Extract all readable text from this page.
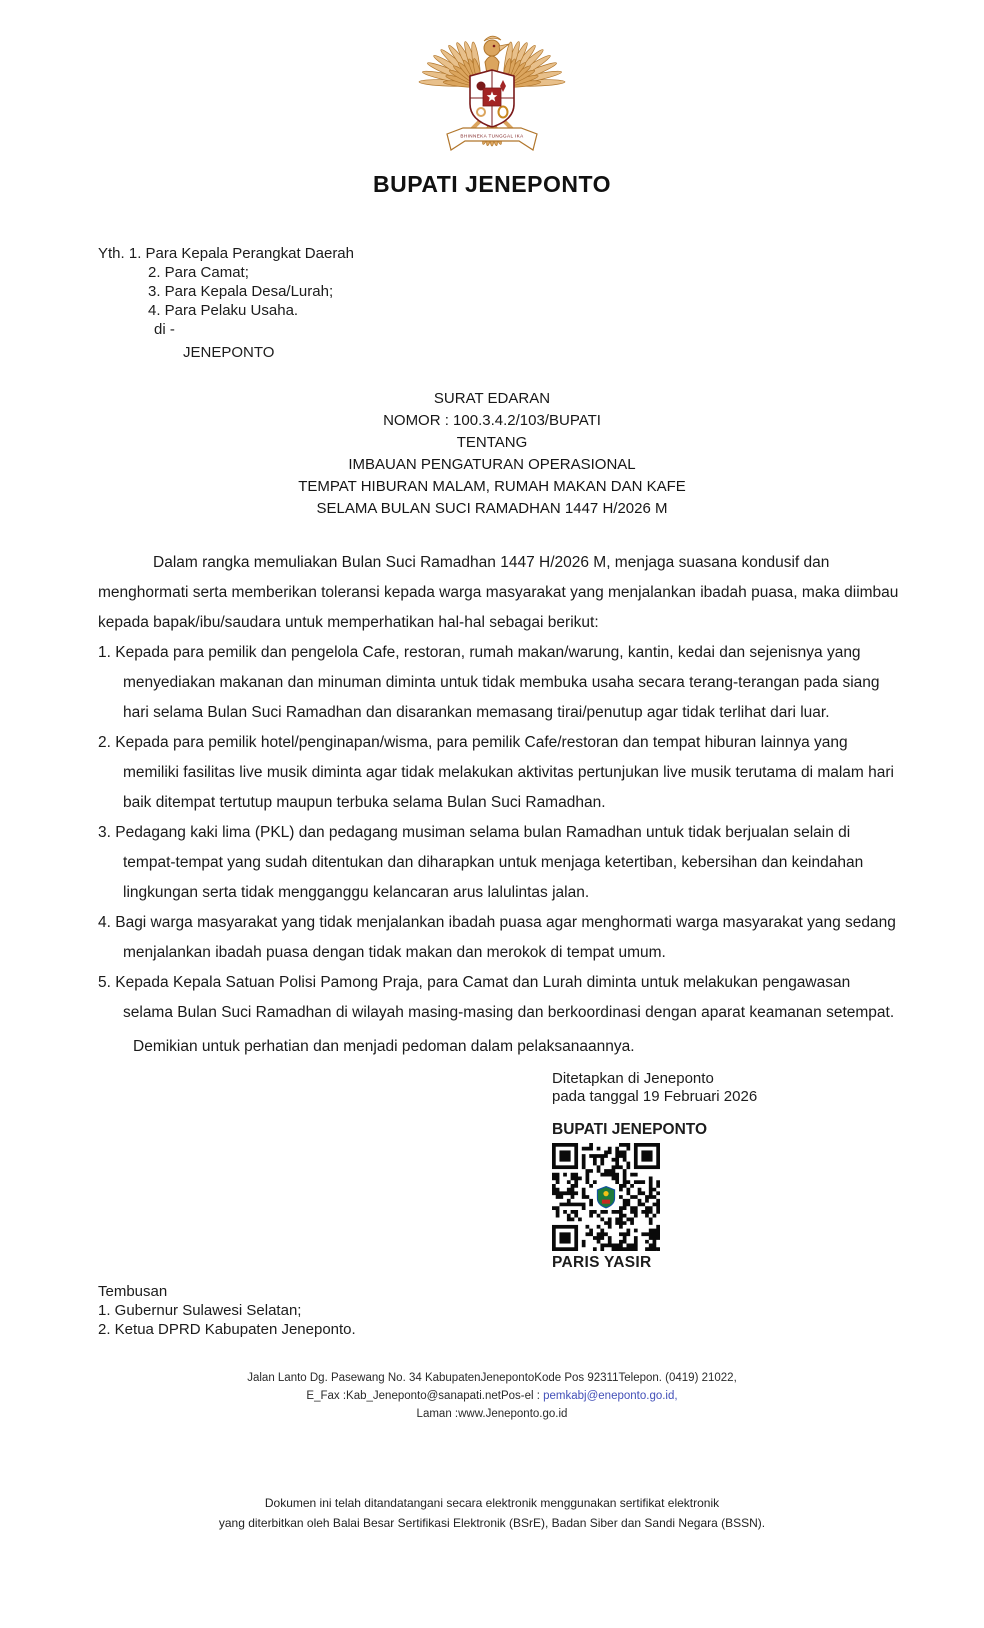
BHINNEKA TUNGGAL IKA
BUPATI JENEPONTO
Yth. 1. Para Kepala Perangkat Daerah
2. Para Camat;
3. Para Kepala Desa/Lurah;
4. Para Pelaku Usaha.
di -
JENEPONTO
SURAT EDARAN
NOMOR : 100.3.4.2/103/BUPATI
TENTANG
IMBAUAN PENGATURAN OPERASIONAL
TEMPAT HIBURAN MALAM, RUMAH MAKAN DAN KAFE
SELAMA BULAN SUCI RAMADHAN 1447 H/2026 M
Dalam rangka memuliakan Bulan Suci Ramadhan 1447 H/2026 M, menjaga suasana kondusif dan menghormati serta memberikan toleransi kepada warga masyarakat yang menjalankan ibadah puasa, maka diimbau kepada bapak/ibu/saudara untuk memperhatikan hal-hal sebagai berikut:
1. Kepada para pemilik dan pengelola Cafe, restoran, rumah makan/warung, kantin, kedai dan sejenisnya yang menyediakan makanan dan minuman diminta untuk tidak membuka usaha secara terang-terangan pada siang hari selama Bulan Suci Ramadhan dan disarankan memasang tirai/penutup agar tidak terlihat dari luar.
2. Kepada para pemilik hotel/penginapan/wisma, para pemilik Cafe/restoran dan tempat hiburan lainnya yang memiliki fasilitas live musik diminta agar tidak melakukan aktivitas pertunjukan live musik terutama di malam hari baik ditempat tertutup maupun terbuka selama Bulan Suci Ramadhan.
3. Pedagang kaki lima (PKL) dan pedagang musiman selama bulan Ramadhan untuk tidak berjualan selain di tempat-tempat yang sudah ditentukan dan diharapkan untuk menjaga ketertiban, kebersihan dan keindahan lingkungan serta tidak mengganggu kelancaran arus lalulintas jalan.
4. Bagi warga masyarakat yang tidak menjalankan ibadah puasa agar menghormati warga masyarakat yang sedang menjalankan ibadah puasa dengan tidak makan dan merokok di tempat umum.
5. Kepada Kepala Satuan Polisi Pamong Praja, para Camat dan Lurah diminta untuk melakukan pengawasan selama Bulan Suci Ramadhan di wilayah masing-masing dan berkoordinasi dengan aparat keamanan setempat.
Demikian untuk perhatian dan menjadi pedoman dalam pelaksanaannya.
Ditetapkan di Jeneponto
pada tanggal 19 Februari 2026
BUPATI JENEPONTO
PARIS YASIR
Tembusan
1. Gubernur Sulawesi Selatan;
2. Ketua DPRD Kabupaten Jeneponto.
Jalan Lanto Dg. Pasewang No. 34 KabupatenJenepontoKode Pos 92311Telepon. (0419) 21022,
E_Fax :Kab_Jeneponto@sanapati.netPos-el : pemkabj@eneponto.go.id,
Laman :www.Jeneponto.go.id
Dokumen ini telah ditandatangani secara elektronik menggunakan sertifikat elektronik
yang diterbitkan oleh Balai Besar Sertifikasi Elektronik (BSrE), Badan Siber dan Sandi Negara (BSSN).
